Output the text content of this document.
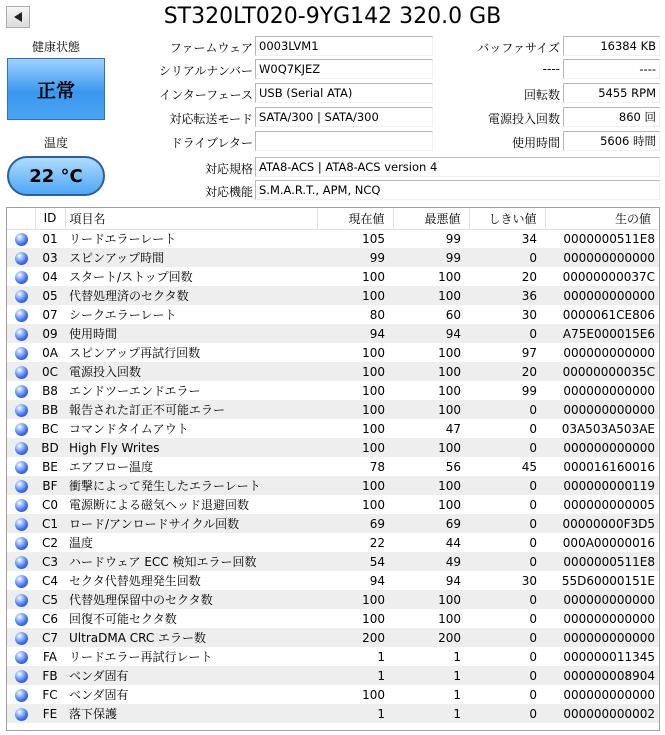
ST320LT020-9YG142 320.0 GB
健康状態
正常
温度
22 °C
ファームウェア 0003LVM1
シリアルナンバー W0Q7KJEZ
インターフェース USB (Serial ATA)
対応転送モード SATA/300 | SATA/300
ドライブレター
バッファサイズ	16384 KB
----	----
回転数	5455 RPM
電源投入回数	860 回
使用時間	5606 時間
対応規格 ATA8-ACS | ATA8-ACS version 4
対応機能 S.M.A.R.T., APM, NCQ
	ID	項目名	現在値	最悪値	しきい値	生の値
	01	リードエラーレート	105	99	34	0000000511E8
	03	スピンアップ時間	99	99	0	000000000000
	04	スタート/ストップ回数	100	100	20	00000000037C
	05	代替処理済のセクタ数	100	100	36	000000000000
	07	シークエラーレート	80	60	30	0000061CE806
	09	使用時間	94	94	0	A75E000015E6
	0A	スピンアップ再試行回数	100	100	97	000000000000
	0C	電源投入回数	100	100	20	00000000035C
	B8	エンドツーエンドエラー	100	100	99	000000000000
	BB	報告された訂正不可能エラー	100	100	0	000000000000
	BC	コマンドタイムアウト	100	47	0	03A503A503AE
	BD	High Fly Writes	100	100	0	000000000000
	BE	エアフロー温度	78	56	45	000016160016
	BF	衝撃によって発生したエラーレート	100	100	0	000000000119
	C0	電源断による磁気ヘッド退避回数	100	100	0	000000000005
	C1	ロード/アンロードサイクル回数	69	69	0	00000000F3D5
	C2	温度	22	44	0	000A00000016
	C3	ハードウェア ECC 検知エラー回数	54	49	0	0000000511E8
	C4	セクタ代替処理発生回数	94	94	30	55D60000151E
	C5	代替処理保留中のセクタ数	100	100	0	000000000000
	C6	回復不可能セクタ数	100	100	0	000000000000
	C7	UltraDMA CRC エラー数	200	200	0	000000000000
	FA	リードエラー再試行レート	1	1	0	000000011345
	FB	ベンダ固有	1	1	0	000000008904
	FC	ベンダ固有	100	1	0	000000000000
	FE	落下保護	1	1	0	000000000002
